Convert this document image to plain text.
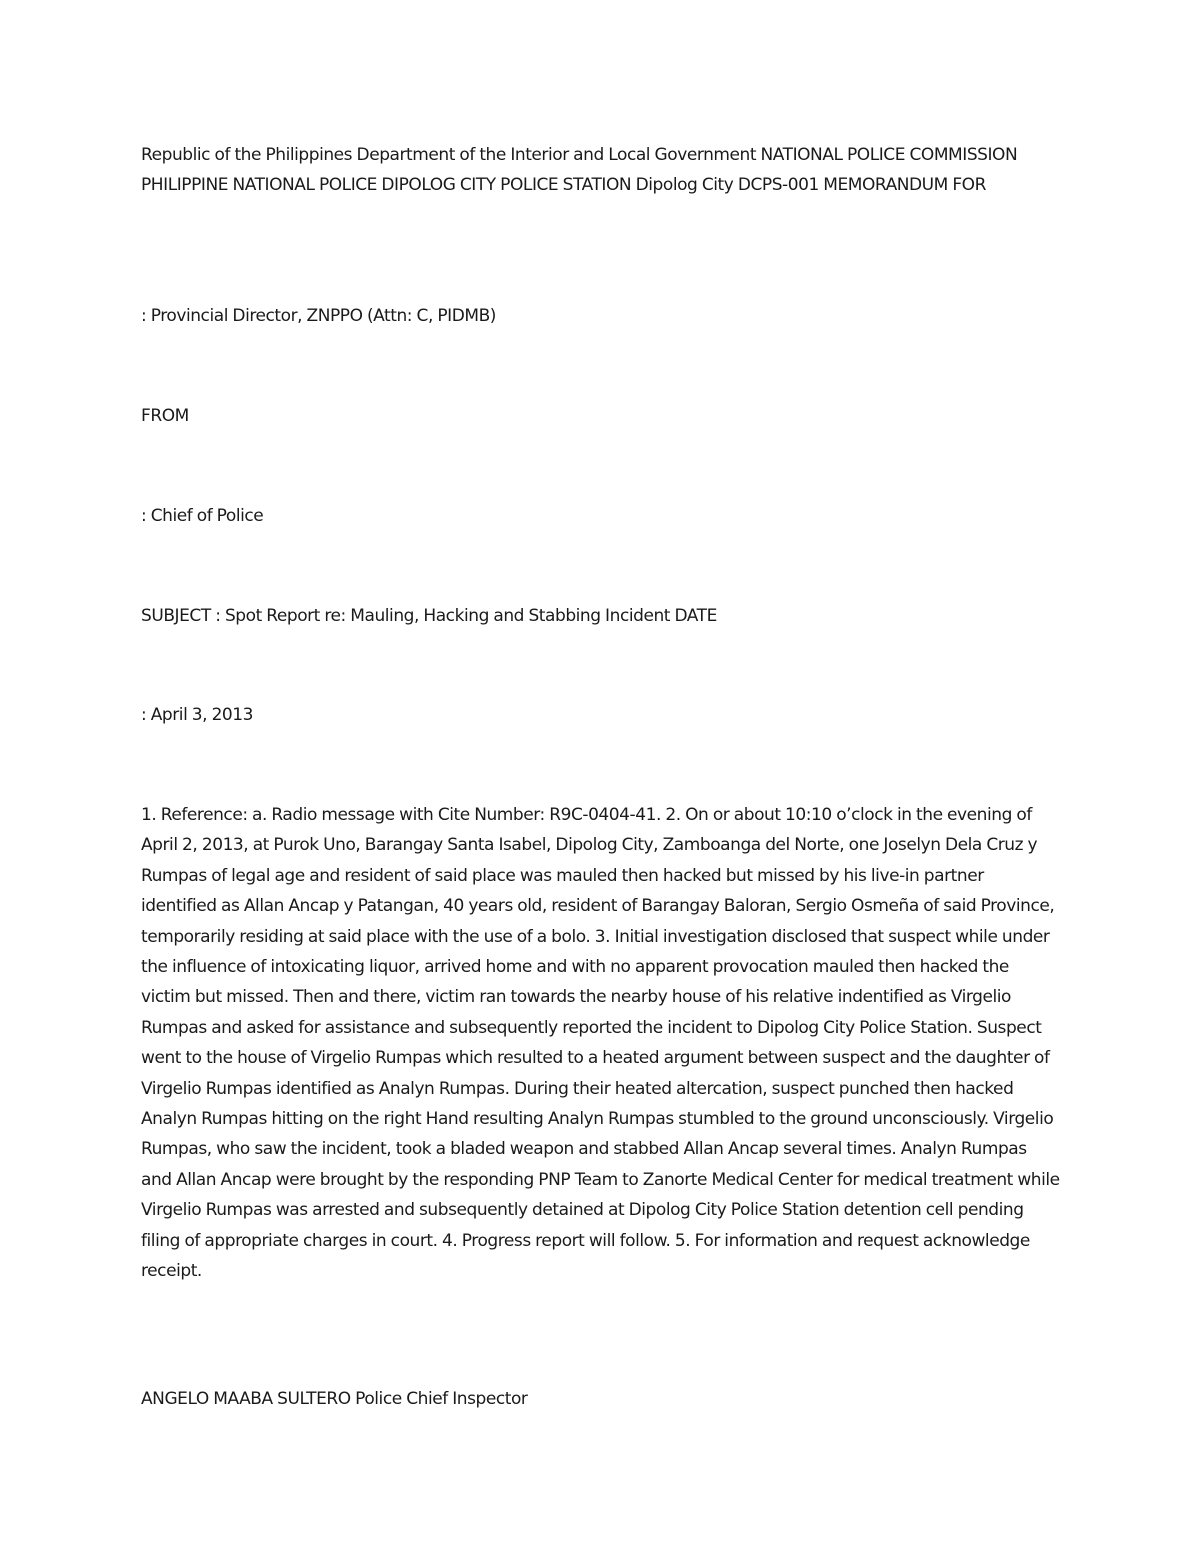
Republic of the Philippines Department of the Interior and Local Government NATIONAL POLICE COMMISSION PHILIPPINE NATIONAL POLICE DIPOLOG CITY POLICE STATION Dipolog City DCPS-001 MEMORANDUM FOR

: Provincial Director, ZNPPO (Attn: C, PIDMB)

FROM

: Chief of Police

SUBJECT : Spot Report re: Mauling, Hacking and Stabbing Incident DATE

: April 3, 2013

1. Reference: a. Radio message with Cite Number: R9C-0404-41. 2. On or about 10:10 o’clock in the evening of April 2, 2013, at Purok Uno, Barangay Santa Isabel, Dipolog City, Zamboanga del Norte, one Joselyn Dela Cruz y Rumpas of legal age and resident of said place was mauled then hacked but missed by his live-in partner identified as Allan Ancap y Patangan, 40 years old, resident of Barangay Baloran, Sergio Osmeña of said Province, temporarily residing at said place with the use of a bolo. 3. Initial investigation disclosed that suspect while under the influence of intoxicating liquor, arrived home and with no apparent provocation mauled then hacked the victim but missed. Then and there, victim ran towards the nearby house of his relative indentified as Virgelio Rumpas and asked for assistance and subsequently reported the incident to Dipolog City Police Station. Suspect went to the house of Virgelio Rumpas which resulted to a heated argument between suspect and the daughter of Virgelio Rumpas identified as Analyn Rumpas. During their heated altercation, suspect punched then hacked Analyn Rumpas hitting on the right Hand resulting Analyn Rumpas stumbled to the ground unconsciously. Virgelio Rumpas, who saw the incident, took a bladed weapon and stabbed Allan Ancap several times. Analyn Rumpas and Allan Ancap were brought by the responding PNP Team to Zanorte Medical Center for medical treatment while Virgelio Rumpas was arrested and subsequently detained at Dipolog City Police Station detention cell pending filing of appropriate charges in court. 4. Progress report will follow. 5. For information and request acknowledge receipt.

ANGELO MAABA SULTERO Police Chief Inspector
